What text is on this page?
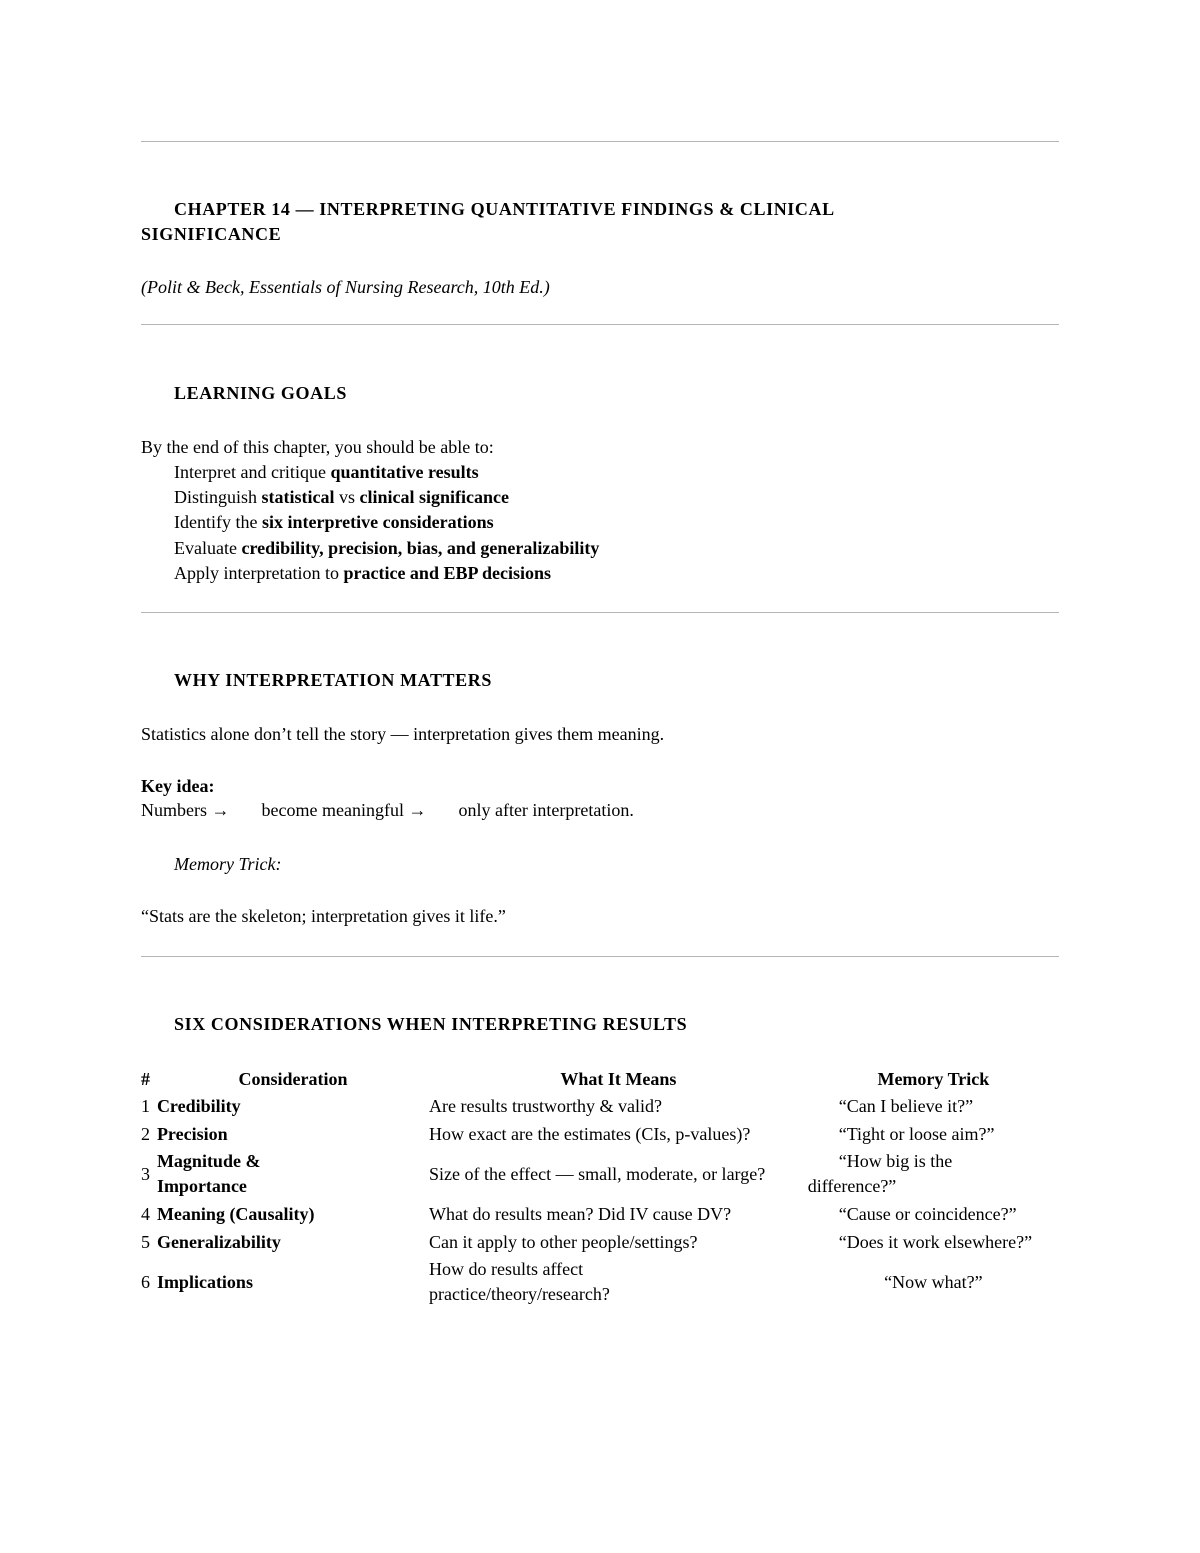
CHAPTER 14 — INTERPRETING QUANTITATIVE FINDINGS & CLINICAL
SIGNIFICANCE
(Polit & Beck, Essentials of Nursing Research, 10th Ed.)
LEARNING GOALS
By the end of this chapter, you should be able to:
Interpret and critique quantitative results
Distinguish statistical vs clinical significance
Identify the six interpretive considerations
Evaluate credibility, precision, bias, and generalizability
Apply interpretation to practice and EBP decisions
WHY INTERPRETATION MATTERS
Statistics alone don’t tell the story — interpretation gives them meaning.
Key idea:
Numbers → become meaningful → only after interpretation.
Memory Trick:
“Stats are the skeleton; interpretation gives it life.”
SIX CONSIDERATIONS WHEN INTERPRETING RESULTS
#	Consideration	What It Means	Memory Trick
1	Credibility	Are results trustworthy & valid?	“Can I believe it?”
2	Precision	How exact are the estimates (CIs, p-values)?	“Tight or loose aim?”
3	Magnitude & Importance	Size of the effect — small, moderate, or large?	“How big is the difference?”
4	Meaning (Causality)	What do results mean? Did IV cause DV?	“Cause or coincidence?”
5	Generalizability	Can it apply to other people/settings?	“Does it work elsewhere?”
6	Implications	How do results affect practice/theory/research?	“Now what?”
